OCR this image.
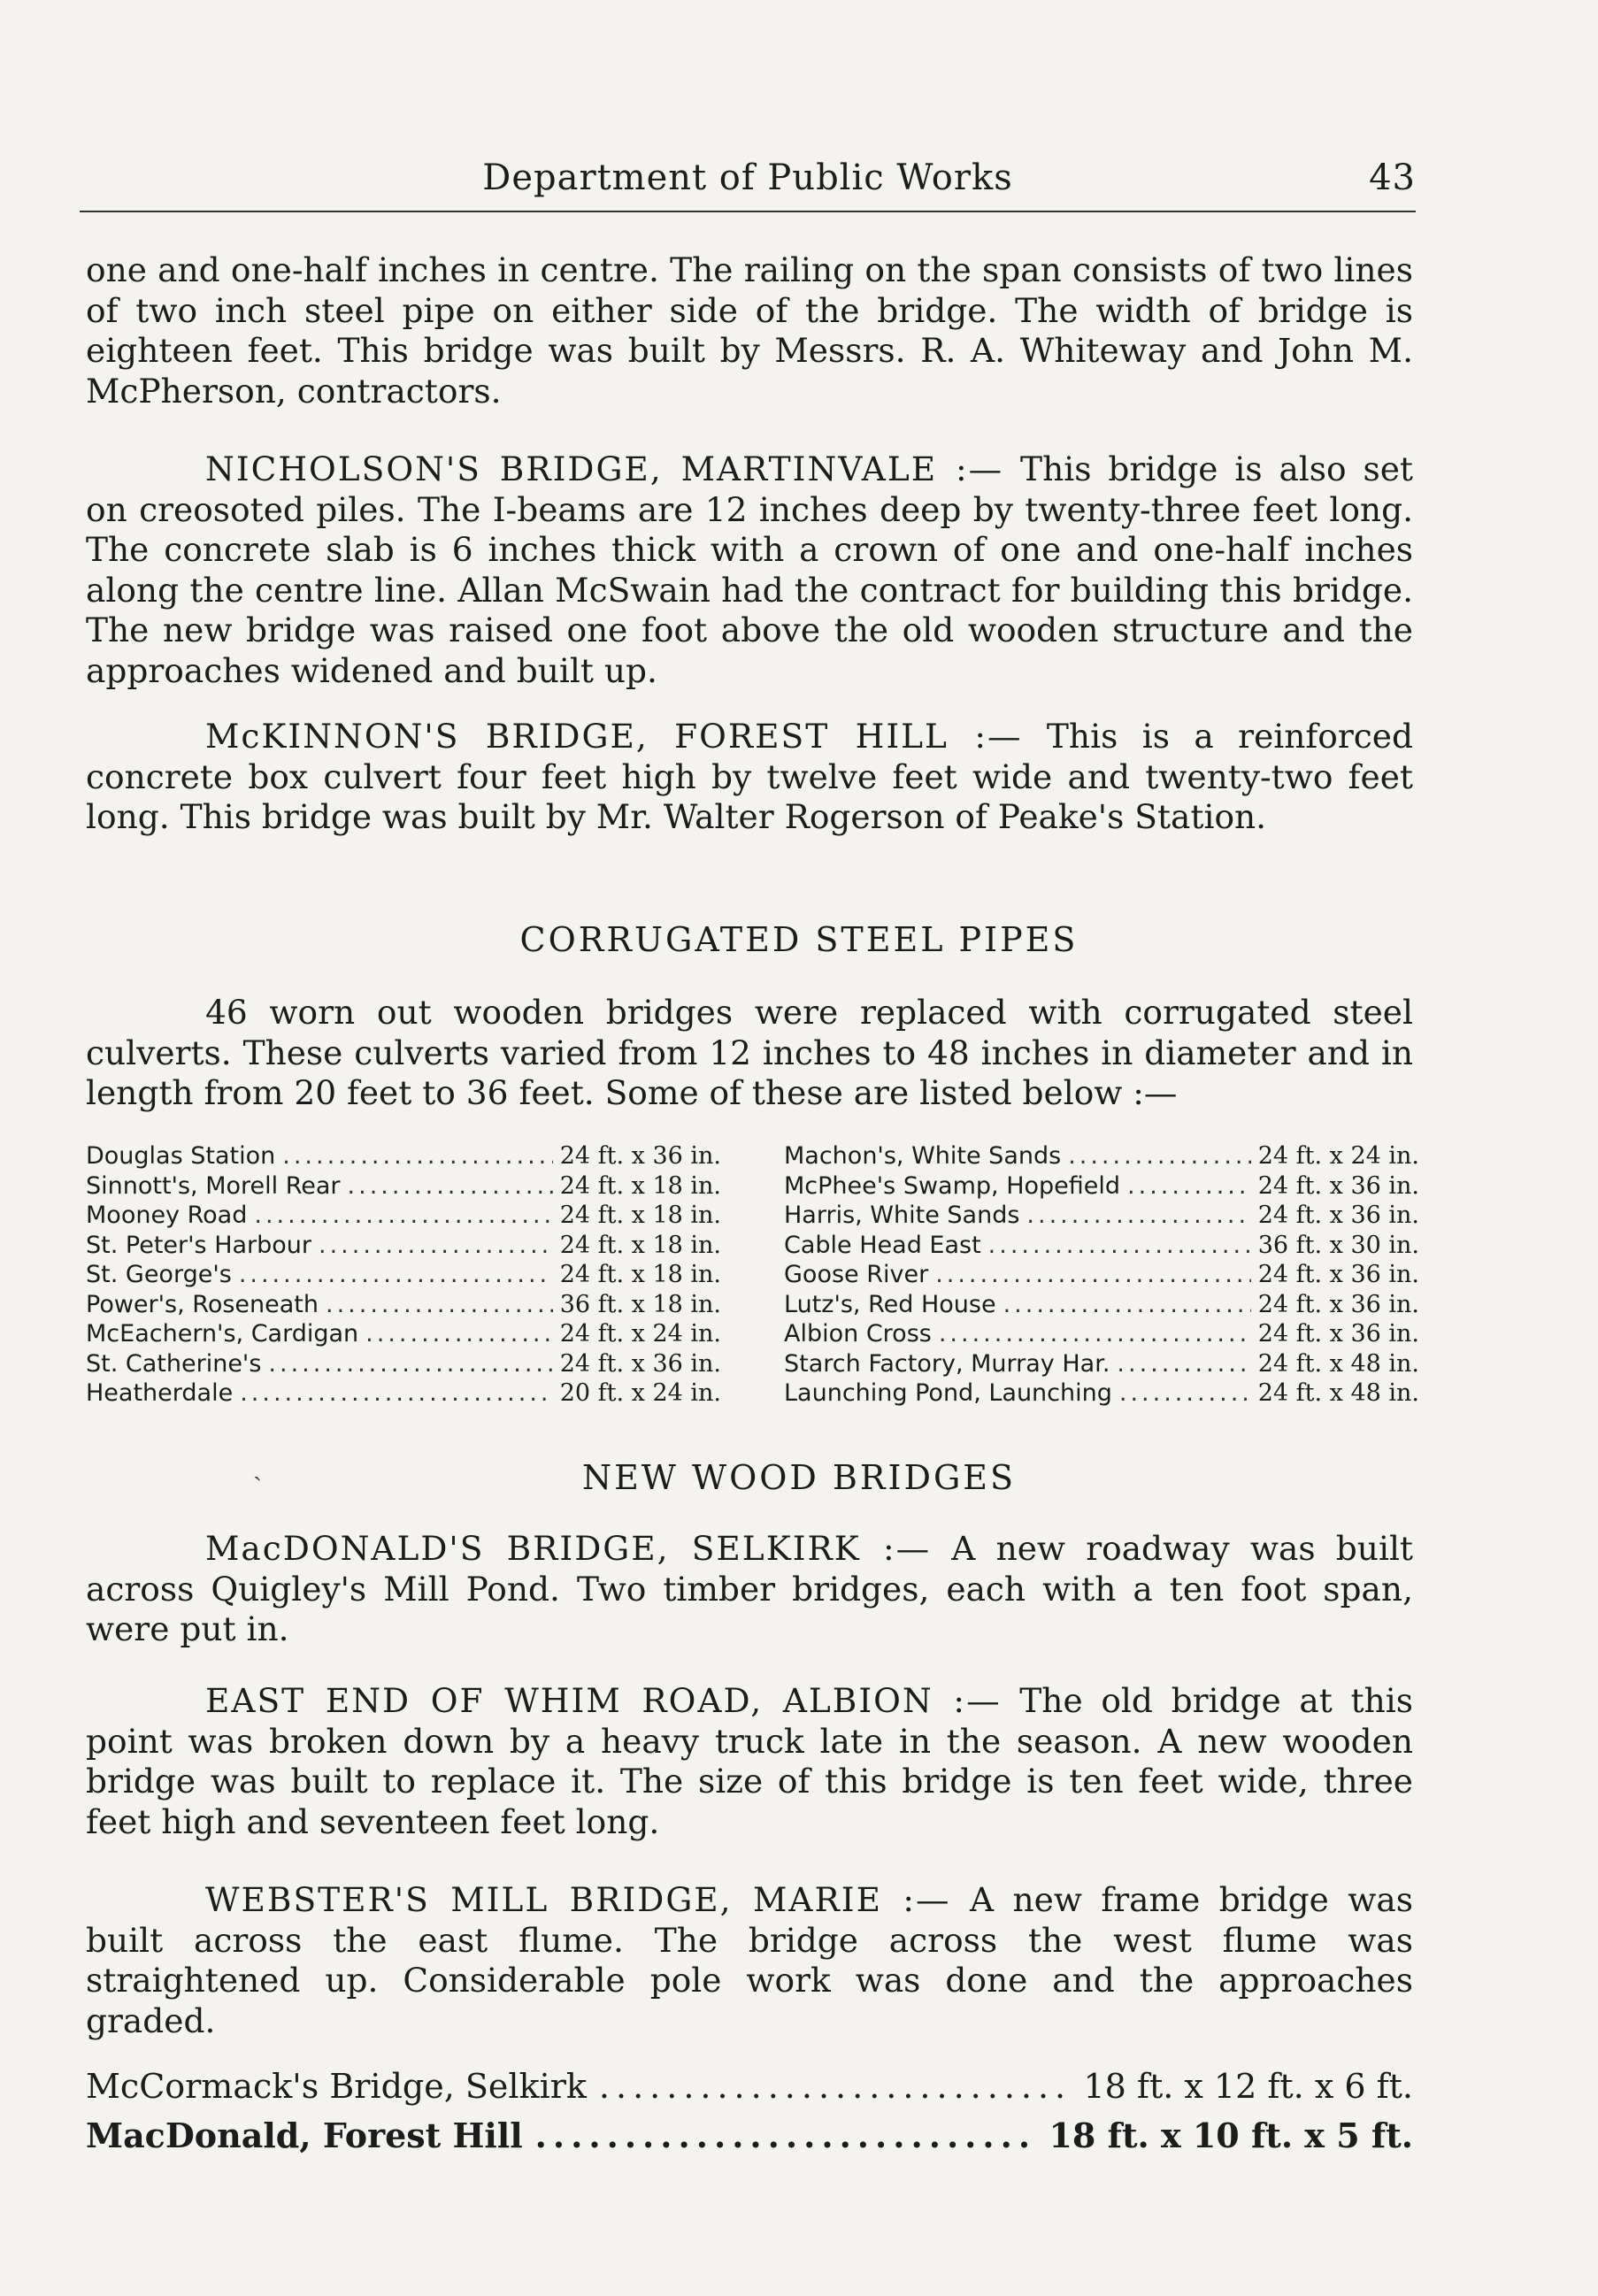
Department of Public Works	43

one and one-half inches in centre. The railing on the span consists of two lines of two inch steel pipe on either side of the bridge. The width of bridge is eighteen feet. This bridge was built by Messrs. R. A. Whiteway and John M. McPherson, contractors.

NICHOLSON'S BRIDGE, MARTINVALE :— This bridge is also set on creosoted piles. The I-beams are 12 inches deep by twenty-three feet long. The concrete slab is 6 inches thick with a crown of one and one-half inches along the centre line. Allan McSwain had the contract for building this bridge. The new bridge was raised one foot above the old wooden structure and the approaches widened and built up.

McKINNON'S BRIDGE, FOREST HILL :— This is a reinforced concrete box culvert four feet high by twelve feet wide and twenty-two feet long. This bridge was built by Mr. Walter Rogerson of Peake's Station.

CORRUGATED STEEL PIPES

46 worn out wooden bridges were replaced with corrugated steel culverts. These culverts varied from 12 inches to 48 inches in diameter and in length from 20 feet to 36 feet. Some of these are listed below :—

Douglas Station .....	24 ft. x 36 in.
Sinnott's, Morell Rear .....	24 ft. x 18 in.
Mooney Road .....	24 ft. x 18 in.
St. Peter's Harbour .....	24 ft. x 18 in.
St. George's .....	24 ft. x 18 in.
Power's, Roseneath .....	36 ft. x 18 in.
McEachern's, Cardigan .....	24 ft. x 24 in.
St. Catherine's .....	24 ft. x 36 in.
Heatherdale .....	20 ft. x 24 in.
Machon's, White Sands .....	24 ft. x 24 in.
McPhee's Swamp, Hopefield .....	24 ft. x 36 in.
Harris, White Sands .....	24 ft. x 36 in.
Cable Head East .....	36 ft. x 30 in.
Goose River .....	24 ft. x 36 in.
Lutz's, Red House .....	24 ft. x 36 in.
Albion Cross .....	24 ft. x 36 in.
Starch Factory, Murray Har. .....	24 ft. x 48 in.
Launching Pond, Launching .....	24 ft. x 48 in.
ˎ	NEW WOOD BRIDGES

MacDONALD'S BRIDGE, SELKIRK :— A new roadway was built across Quigley's Mill Pond. Two timber bridges, each with a ten foot span, were put in.

EAST END OF WHIM ROAD, ALBION :— The old bridge at this point was broken down by a heavy truck late in the season. A new wooden bridge was built to replace it. The size of this bridge is ten feet wide, three feet high and seventeen feet long.

WEBSTER'S MILL BRIDGE, MARIE :— A new frame bridge was built across the east flume. The bridge across the west flume was straightened up. Considerable pole work was done and the approaches graded.

McCormack's Bridge, Selkirk .....	18 ft. x 12 ft. x 6 ft.
MacDonald, Forest Hill .....	18 ft. x 10 ft. x 5 ft.
